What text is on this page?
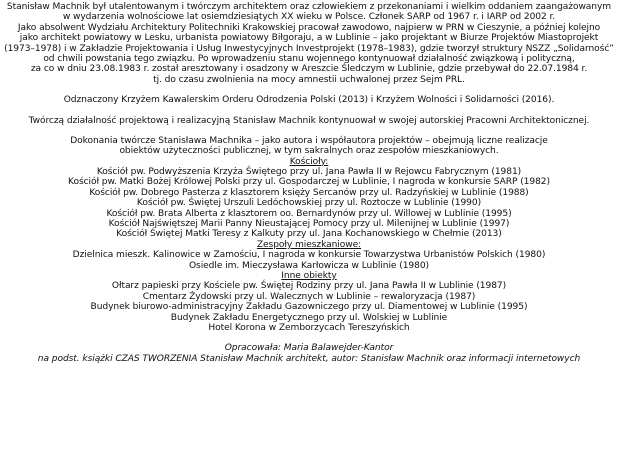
Stanisław Machnik był utalentowanym i twórczym architektem oraz człowiekiem z przekonaniami i wielkim oddaniem zaangażowanym
w wydarzenia wolnościowe lat osiemdziesiątych XX wieku w Polsce. Członek SARP od 1967 r. i IARP od 2002 r.
Jako absolwent Wydziału Architektury Politechniki Krakowskiej pracował zawodowo, najpierw w PRN w Cieszynie, a później kolejno
jako architekt powiatowy w Lesku, urbanista powiatowy Biłgoraju, a w Lublinie – jako projektant w Biurze Projektów Miastoprojekt
(1973–1978) i w Zakładzie Projektowania i Usług Inwestycyjnych Investprojekt (1978–1983), gdzie tworzył struktury NSZZ „Solidarność”
od chwili powstania tego związku. Po wprowadzeniu stanu wojennego kontynuował działalność związkową i polityczną,
za co w dniu 23.08.1983 r. został aresztowany i osadzony w Areszcie Śledczym w Lublinie, gdzie przebywał do 22.07.1984 r.
tj. do czasu zwolnienia na mocy amnestii uchwalonej przez Sejm PRL.
Odznaczony Krzyżem Kawalerskim Orderu Odrodzenia Polski (2013) i Krzyżem Wolności i Solidarności (2016).
Twórczą działalność projektową i realizacyjną Stanisław Machnik kontynuował w swojej autorskiej Pracowni Architektonicznej.
Dokonania twórcze Stanisława Machnika – jako autora i współautora projektów – obejmują liczne realizacje
obiektów użyteczności publicznej, w tym sakralnych oraz zespołów mieszkaniowych.
Kościoły:
Kościół pw. Podwyższenia Krzyża Świętego przy ul. Jana Pawła II w Rejowcu Fabrycznym (1981)
Kościół pw. Matki Bożej Królowej Polski przy ul. Gospodarczej w Lublinie, I nagroda w konkursie SARP (1982)
Kościół pw. Dobrego Pasterza z klasztorem księży Sercanów przy ul. Radzyńskiej w Lublinie (1988)
Kościół pw. Świętej Urszuli Ledóchowskiej przy ul. Roztocze w Lublinie (1990)
Kościół pw. Brata Alberta z klasztorem oo. Bernardynów przy ul. Willowej w Lublinie (1995)
Kościół Najświętszej Marii Panny Nieustającej Pomocy przy ul. Milenijnej w Lublinie (1997)
Kościół Świętej Matki Teresy z Kalkuty przy ul. Jana Kochanowskiego w Chełmie (2013)
Zespoły mieszkaniowe:
Dzielnica mieszk. Kalinowice w Zamościu, I nagroda w konkursie Towarzystwa Urbanistów Polskich (1980)
Osiedle im. Mieczysława Karłowicza w Lublinie (1980)
Inne obiekty
Ołtarz papieski przy Kościele pw. Świętej Rodziny przy ul. Jana Pawła II w Lublinie (1987)
Cmentarz Żydowski przy ul. Walecznych w Lublinie – rewaloryzacja (1987)
Budynek biurowo-administracyjny Zakładu Gazowniczego przy ul. Diamentowej w Lublinie (1995)
Budynek Zakładu Energetycznego przy ul. Wolskiej w Lublinie
Hotel Korona w Zemborzycach Tereszyńskich
Opracowała: Maria Balawejder-Kantor
na podst. książki CZAS TWORZENIA Stanisław Machnik architekt, autor: Stanisław Machnik oraz informacji internetowych
